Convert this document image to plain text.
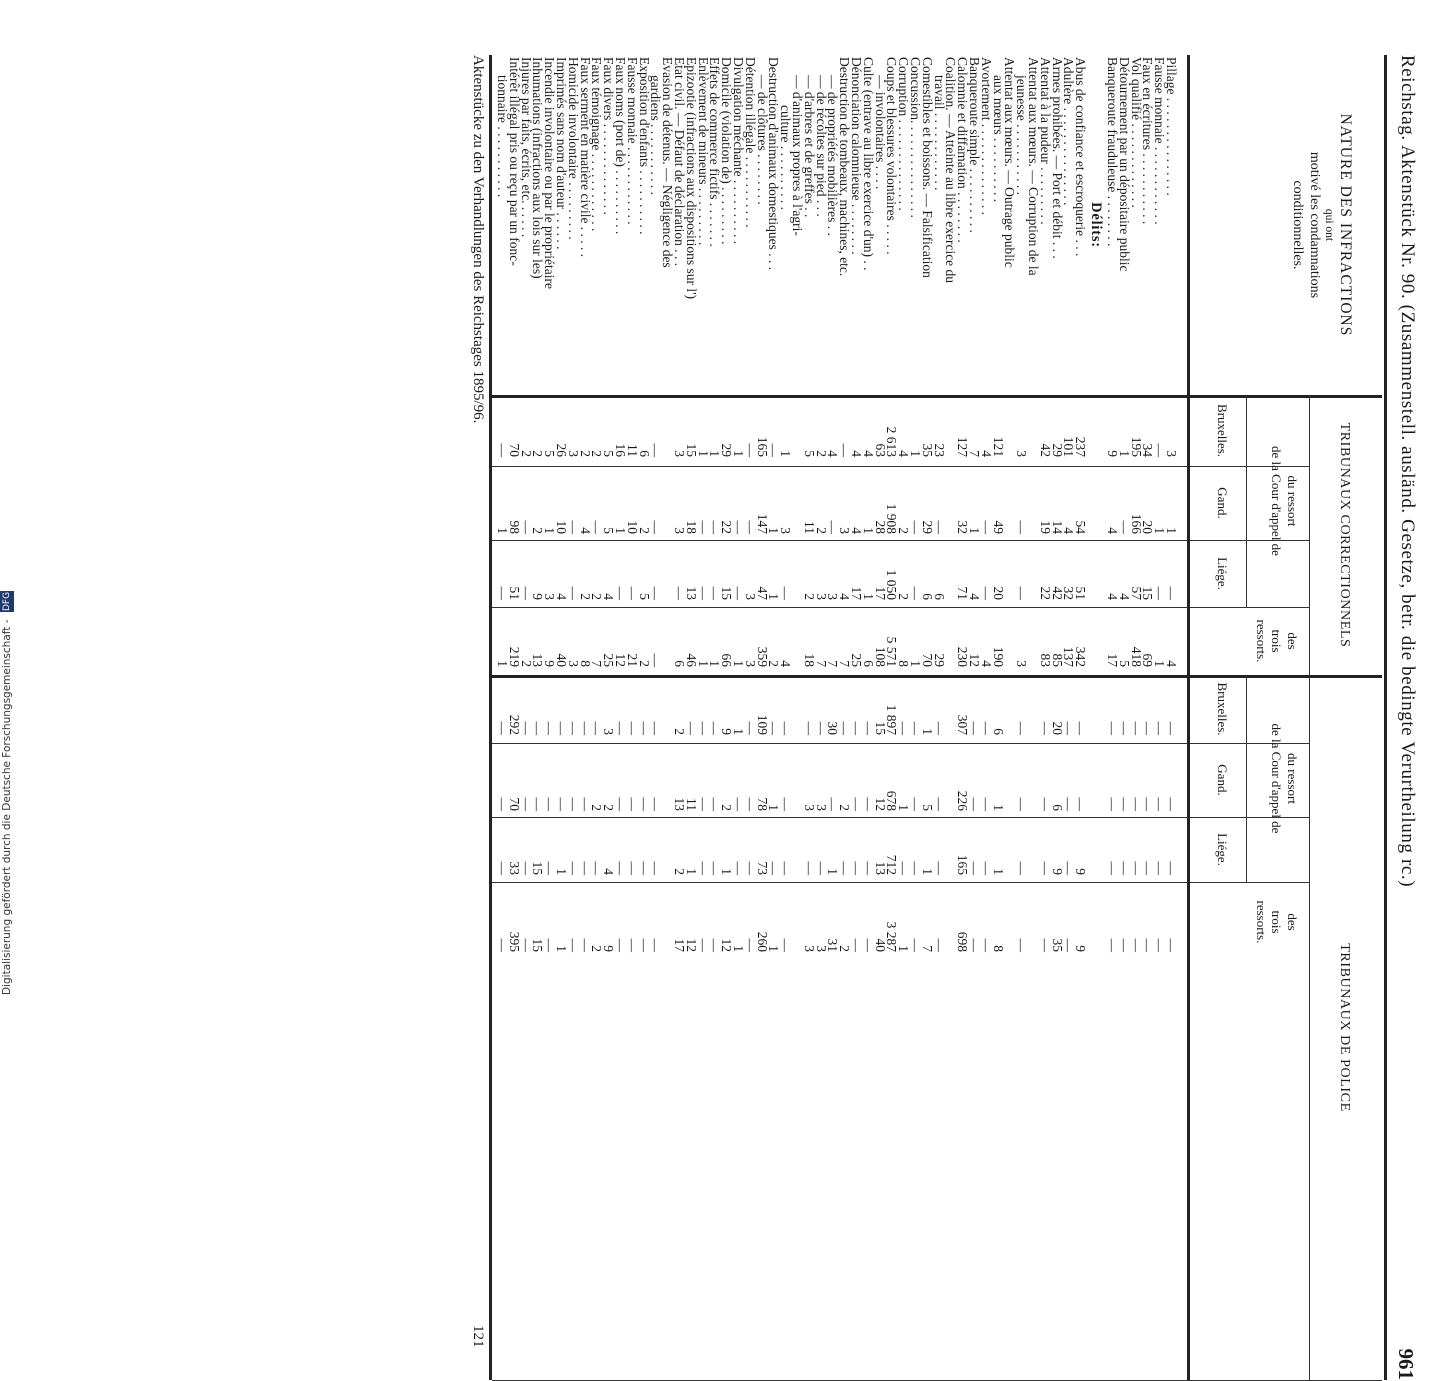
Reichstag. Aktenstück Nr. 90. (Zusammenstell. ausländ. Gesetze, betr. die bedingte Verurtheilung rc.)
961
NATURE DES INFRACTIONS
qui ont
motivé les condamnations
conditionnelles.
TRIBUNAUX CORRECTIONNELS
TRIBUNAUX DE POLICE
du ressort
de la Cour d'appel de
des
trois
ressorts.
du ressort
de la Cour d'appel de
des
trois
ressorts.
Bruxelles.
Gand.
Liége.
Bruxelles.
Gand.
Liége.
Pillage . . . . . . . . . . . . . . .
3
1
—
4
—
—
—
—
Fausse monnaie . . . . . . . . . . . .
—
1
—
1
—
—
—
—
Faux en écritures . . . . . . . . . . .
34
20
15
69
—
—
—
—
Vol qualifié . . . . . . . . . . . . .
195
166
57
418
—
—
—
—
Détournement par un dépositaire public
1
—
4
5
—
—
—
—
Banqueroute frauduleuse . . . . . . . .
9
4
4
17
—
—
—
—
Délits:
Abus de confiance et escroquerie . . .
237
54
51
342
—
—
9
9
Adultère . . . . . . . . . . . . . . .
101
4
32
137
—
—
—
—
Armes prohibées. — Port et débit . . .
29
14
42
85
20
6
9
35
Attentat à la pudeur . . . . . . . . .
42
19
22
83
—
—
—
—
Attentat aux mœurs. — Corruption de la
jeunesse . . . . . . . . . . .
3
—
—
3
—
—
—
—
Attentat aux mœurs. — Outrage public
aux mœurs . . . . . . . . . .
121
49
20
190
6
1
1
8
Avortement . . . . . . . . . . . . . .
4
—
—
4
—
—
—
—
Banqueroute simple . . . . . . . . . .
7
1
4
12
—
—
—
—
Calomnie et diffamation . . . . . . . .
127
32
71
230
307
226
165
698
Coalition. — Atteinte au libre exercice du
travail . . . . . . . . . . . .
23
—
6
29
—
—
—
—
Comestibles et boissons. — Falsification
35
29
6
70
1
5
1
7
Concussion. . . . . . . . . . . . . . .
1
—
—
1
—
—
—
—
Corruption . . . . . . . . . . . . . .
4
2
2
8
—
1
—
1
Coups et blessures volontaires . . . . .
2 613
1 908
1 050
5 571
1 897
678
712
3 287
— involontaires . . . .
63
28
17
108
15
12
13
40
Culte (entrave au libre exercice d'un) . .
4
1
1
6
—
—
—
—
Dénonciation calomnieuse . . . . . . . .
4
4
17
25
—
—
—
—
Destruction de tombeaux, machines, etc.
—
3
4
7
—
2
—
2
— de propriétés mobilières . .
4
—
3
7
30
—
1
31
— de récoltes sur pied . . .
2
2
3
7
—
3
—
3
— d'arbres et de greffes . .
5
11
2
18
—
3
—
3
— d'animaux propres à l'agri-
culture . . . . . . . . . .
1
3
—
4
—
—
—
—
Destruction d'animaux domestiques . . .
—
1
1
2
—
1
—
1
— de clôtures . . . . . . . .
165
147
47
359
109
78
73
260
Détention illégale . . . . . . . . . . .
—
—
3
3
—
—
—
—
Divulgation méchante . . . . . . . . . .
1
—
—
1
1
—
—
1
Domicile (violation de) . . . . . . . . .
29
22
15
66
9
2
1
12
Effets de commerce fictifs . . . . . . .
1
—
—
1
—
—
—
—
Enlèvement de mineurs . . . . . . . . .
1
—
—
1
—
—
—
—
Epizootie (infractions aux dispositions sur l')
15
18
13
46
—
11
1
12
Etat civil. — Défaut de déclaration . . .
3
3
—
6
2
13
2
17
Evasion de détenus. — Négligence des
gardiens . . . . . . . . . . .
—
—
—
—
—
—
—
—
Exposition d'enfants . . . . . . . . . .
6
2
5
2
—
—
—
—
Fausse monnaie . . . . . . . . . . . .
11
10
—
21
—
—
—
—
Faux noms (port de) . . . . . . . . . .
16
1
—
12
—
—
—
—
Faux divers . . . . . . . . . . . . . .
5
5
4
25
3
2
4
9
Faux témoignage . . . . . . . . . . . .
2
—
2
7
—
2
—
2
Faux serment en matière civile . . . . .
2
4
2
8
—
—
—
—
Homicide involontaire . . . . . . . . .
3
—
—
3
—
—
—
—
Imprimés sans nom d'auteur . . . . . .
26
10
4
40
—
—
1
1
Incendie involontaire ou par le propriétaire
5
1
3
9
—
—
—
—
Inhumations (infractions aux lois sur les)
2
2
9
13
—
—
15
15
Injures par faits, écrits, etc. . . . . .
2
—
—
2
—
—
—
—
Intérêt illégal pris ou reçu par un fonc-
70
98
51
219
292
70
33
395
tionnaire . . . . . . . . . . .
—
1
—
1
—
—
—
—
Aktenstücke zu den Verhandlungen des Reichstages 1895/96.
121
Digitalisierung gefördert durch die Deutsche Forschungsgemeinschaft - DFG
